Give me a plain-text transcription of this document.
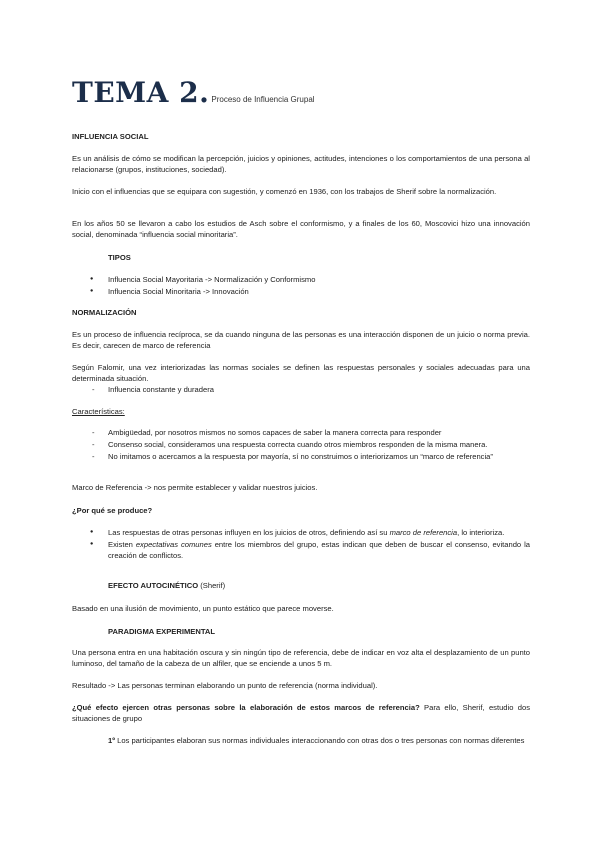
TEMA 2. Proceso de Influencia Grupal
INFLUENCIA SOCIAL
Es un análisis de cómo se modifican la percepción, juicios y opiniones, actitudes, intenciones o los comportamientos de una persona al relacionarse (grupos, instituciones, sociedad).
Inicio con el influencias que se equipara con sugestión, y comenzó en 1936, con los trabajos de Sherif sobre la normalización.
En los años 50 se llevaron a cabo los estudios de Asch sobre el conformismo, y a finales de los 60, Moscovici hizo una innovación social, denominada “influencia social minoritaria”.
TIPOS
● Influencia Social Mayoritaria -> Normalización y Conformismo
● Influencia Social Minoritaria -> Innovación
NORMALIZACIÓN
Es un proceso de influencia recíproca, se da cuando ninguna de las personas es una interacción disponen de un juicio o norma previa. Es decir, carecen de marco de referencia
Según Falomir, una vez interiorizadas las normas sociales se definen las respuestas personales y sociales adecuadas para una determinada situación.
- Influencia constante y duradera
Características:
- Ambigüedad, por nosotros mismos no somos capaces de saber la manera correcta para responder
- Consenso social, consideramos una respuesta correcta cuando otros miembros responden de la misma manera.
- No imitamos o acercamos a la respuesta por mayoría, sí no construimos o interiorizamos un “marco de referencia”
Marco de Referencia -> nos permite establecer y validar nuestros juicios.
¿Por qué se produce?
● Las respuestas de otras personas influyen en los juicios de otros, definiendo así su marco de referencia, lo interioriza.
● Existen expectativas comunes entre los miembros del grupo, estas indican que deben de buscar el consenso, evitando la creación de conflictos.
EFECTO AUTOCINÉTICO (Sherif)
Basado en una ilusión de movimiento, un punto estático que parece moverse.
PARADIGMA EXPERIMENTAL
Una persona entra en una habitación oscura y sin ningún tipo de referencia, debe de indicar en voz alta el desplazamiento de un punto luminoso, del tamaño de la cabeza de un alfiler, que se enciende a unos 5 m.
Resultado -> Las personas terminan elaborando un punto de referencia (norma individual).
¿Qué efecto ejercen otras personas sobre la elaboración de estos marcos de referencia? Para ello, Sherif, estudio dos situaciones de grupo
1º Los participantes elaboran sus normas individuales interaccionando con otras dos o tres personas con normas diferentes
